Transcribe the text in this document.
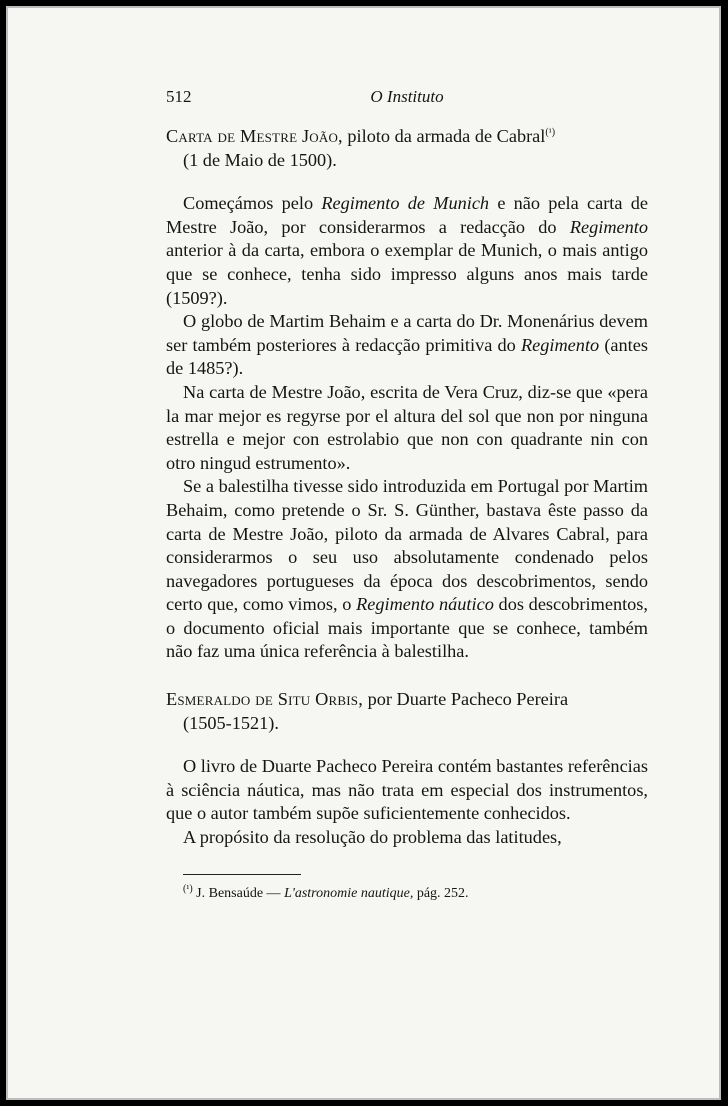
512	O Instituto

Carta de Mestre João, piloto da armada de Cabral$^{(^1)}$
(1 de Maio de 1500).

Começámos pelo Regimento de Munich e não pela carta de Mestre João, por considerarmos a redacção do Regimento anterior à da carta, embora o exemplar de Munich, o mais antigo que se conhece, tenha sido impresso alguns anos mais tarde (1509?).

O globo de Martim Behaim e a carta do Dr. Monenárius devem ser também posteriores à redacção primitiva do Regimento (antes de 1485?).

Na carta de Mestre João, escrita de Vera Cruz, diz-se que «pera la mar mejor es regyrse por el altura del sol que non por ninguna estrella e mejor con estrolabio que non con quadrante nin con otro ningud estrumento».

Se a balestilha tivesse sido introduzida em Portugal por Martim Behaim, como pretende o Sr. S. Günther, bastava êste passo da carta de Mestre João, piloto da armada de Alvares Cabral, para considerarmos o seu uso absolutamente condenado pelos navegadores portugueses da época dos descobrimentos, sendo certo que, como vimos, o Regimento náutico dos descobrimentos, o documento oficial mais importante que se conhece, também não faz uma única referência à balestilha.

Esmeraldo de Situ Orbis, por Duarte Pacheco Pereira
(1505-1521).

O livro de Duarte Pacheco Pereira contém bastantes referências à sciência náutica, mas não trata em especial dos instrumentos, que o autor também supõe suficientemente conhecidos.

A propósito da resolução do problema das latitudes,

$^{(^1)}$ J. Bensaúde — L'astronomie nautique, pág. 252.
